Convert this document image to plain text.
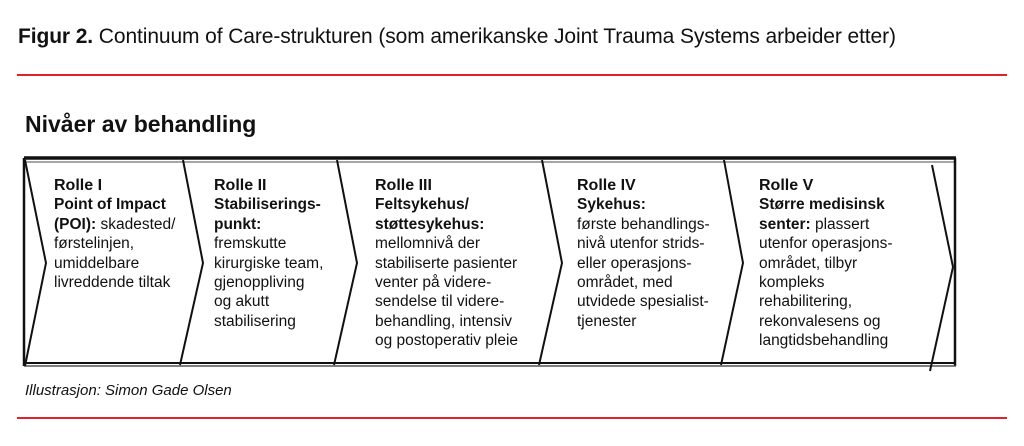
Figur 2. Continuum of Care-strukturen (som amerikanske Joint Trauma Systems arbeider etter)
Nivåer av behandling
Rolle I
Point of Impact
(POI): skadested/
førstelinjen,
umiddelbare
livreddende tiltak
Rolle II
Stabiliserings-
punkt:
fremskutte
kirurgiske team,
gjenoppliving
og akutt
stabilisering
Rolle III
Feltsykehus/
støttesykehus:
mellomnivå der
stabiliserte pasienter
venter på videre-
sendelse til videre-
behandling, intensiv
og postoperativ pleie
Rolle IV
Sykehus:
første behandlings-
nivå utenfor strids-
eller operasjons-
området, med
utvidede spesialist-
tjenester
Rolle V
Større medisinsk
senter: plassert
utenfor operasjons-
området, tilbyr
kompleks
rehabilitering,
rekonvalesens og
langtidsbehandling
Illustrasjon: Simon Gade Olsen
